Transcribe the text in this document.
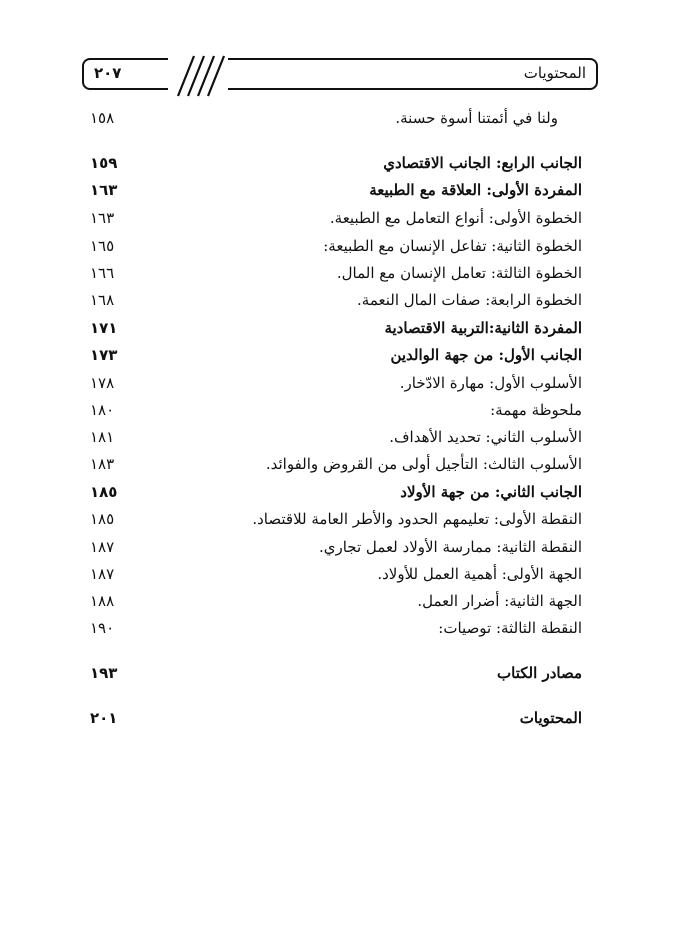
المحتويات
٢٠٧
١٥٨	ولنا في أئمتنا أسوة حسنة.
١٥٩	الجانب الرابع: الجانب الاقتصادي
١٦٣	المفردة الأولى: العلاقة مع الطبيعة
١٦٣	الخطوة الأولى: أنواع التعامل مع الطبيعة.
١٦٥	الخطوة الثانية: تفاعل الإنسان مع الطبيعة:
١٦٦	الخطوة الثالثة: تعامل الإنسان مع المال.
١٦٨	الخطوة الرابعة: صفات المال النعمة.
١٧١	المفردة الثانية:التربية الاقتصادية
١٧٣	الجانب الأول: من جهة الوالدين
١٧٨	الأسلوب الأول: مهارة الادّخار.
١٨٠	ملحوظة مهمة:
١٨١	الأسلوب الثاني: تحديد الأهداف.
١٨٣	الأسلوب الثالث: التأجيل أولى من القروض والفوائد.
١٨٥	الجانب الثاني: من جهة الأولاد
١٨٥	النقطة الأولى: تعليمهم الحدود والأطر العامة للاقتصاد.
١٨٧	النقطة الثانية: ممارسة الأولاد لعمل تجاري.
١٨٧	الجهة الأولى: أهمية العمل للأولاد.
١٨٨	الجهة الثانية: أضرار العمل.
١٩٠	النقطة الثالثة: توصيات:
١٩٣	مصادر الكتاب
٢٠١	المحتويات
